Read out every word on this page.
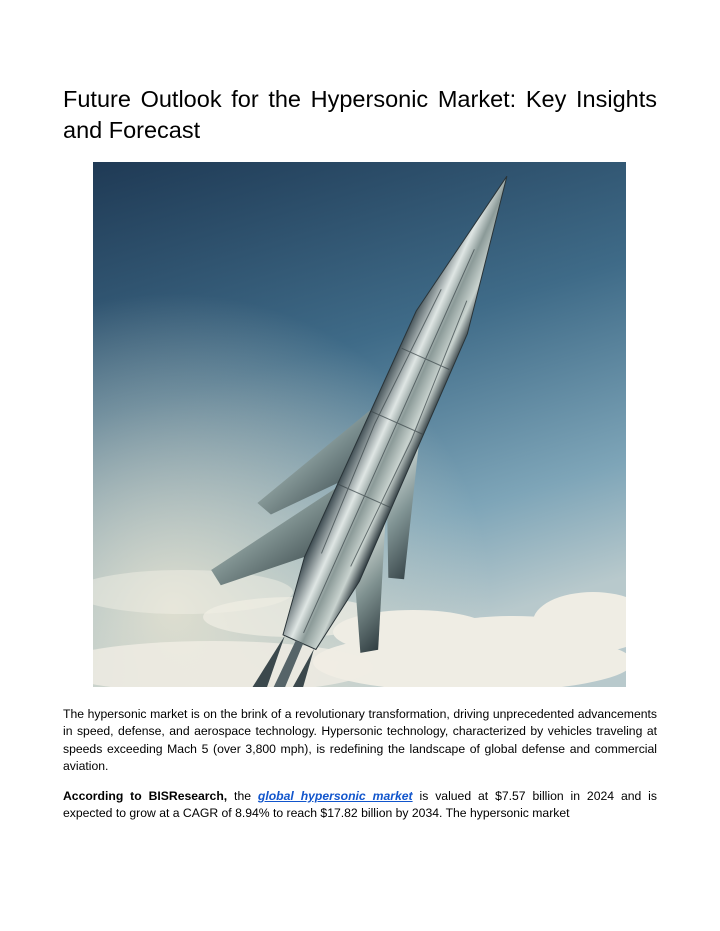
Future Outlook for the Hypersonic Market: Key Insights and Forecast

The hypersonic market is on the brink of a revolutionary transformation, driving unprecedented advancements in speed, defense, and aerospace technology. Hypersonic technology, characterized by vehicles traveling at speeds exceeding Mach 5 (over 3,800 mph), is redefining the landscape of global defense and commercial aviation.

According to BISResearch, the global hypersonic market is valued at $7.57 billion in 2024 and is expected to grow at a CAGR of 8.94% to reach $17.82 billion by 2034. The hypersonic market
